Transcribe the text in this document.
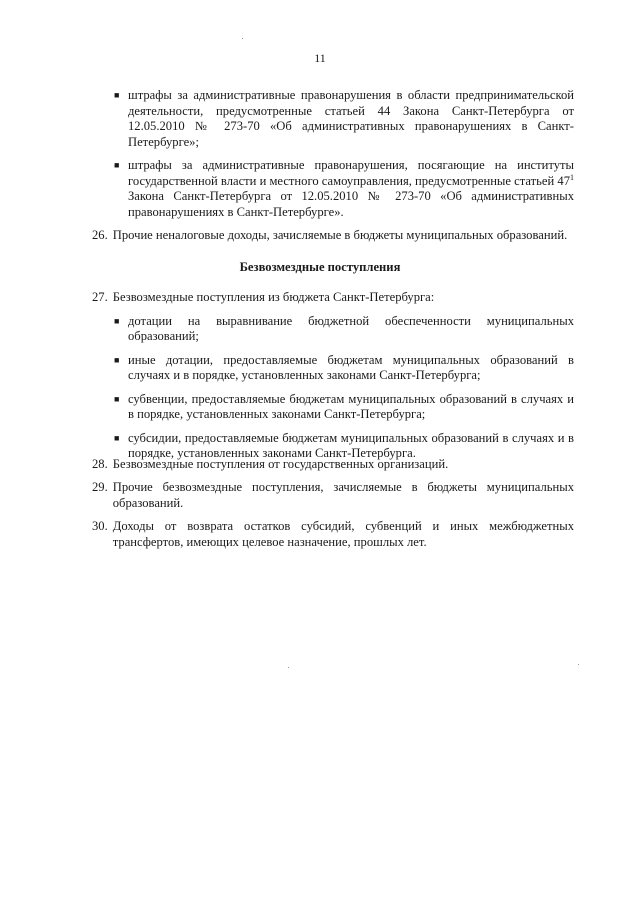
11
■ штрафы за административные правонарушения в области предпринимательской деятельности, предусмотренные статьей 44 Закона Санкт-Петербурга от 12.05.2010 № 273-70 «Об административных правонарушениях в Санкт-Петербурге»;
■ штрафы за административные правонарушения, посягающие на институты государственной власти и местного самоуправления, предусмотренные статьей $47^1$ Закона Санкт-Петербурга от 12.05.2010 № 273-70 «Об административных правонарушениях в Санкт-Петербурге».
26. Прочие неналоговые доходы, зачисляемые в бюджеты муниципальных образований.
Безвозмездные поступления
27. Безвозмездные поступления из бюджета Санкт-Петербурга:
■ дотации на выравнивание бюджетной обеспеченности муниципальных образований;
■ иные дотации, предоставляемые бюджетам муниципальных образований в случаях и в порядке, установленных законами Санкт-Петербурга;
■ субвенции, предоставляемые бюджетам муниципальных образований в случаях и в порядке, установленных законами Санкт-Петербурга;
■ субсидии, предоставляемые бюджетам муниципальных образований в случаях и в порядке, установленных законами Санкт-Петербурга.
28. Безвозмездные поступления от государственных организаций.
29. Прочие безвозмездные поступления, зачисляемые в бюджеты муниципальных образований.
30. Доходы от возврата остатков субсидий, субвенций и иных межбюджетных трансфертов, имеющих целевое назначение, прошлых лет.
